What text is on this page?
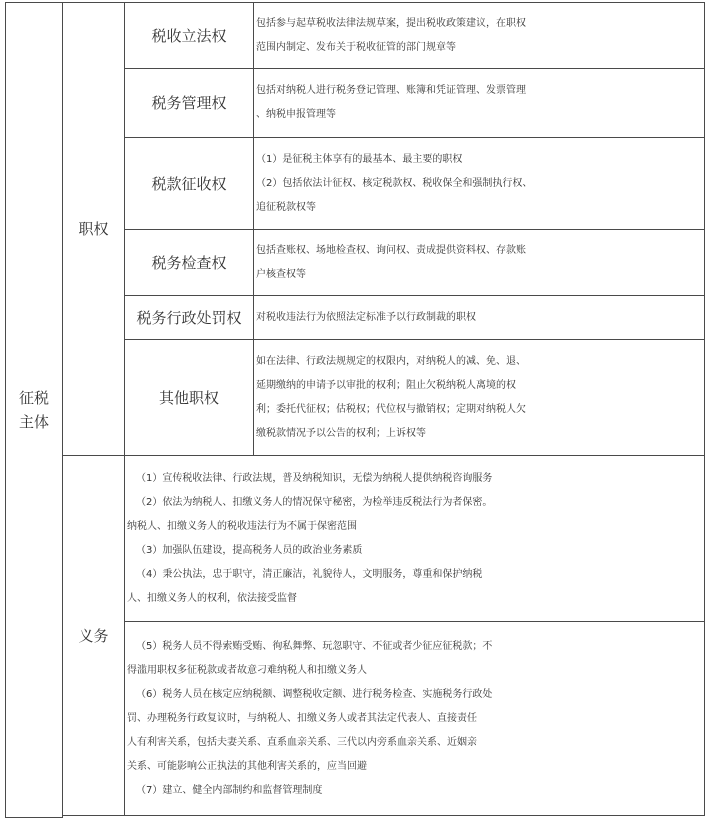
征税
主体
职权
税收立法权
包括参与起草税收法律法规草案，提出税收政策建议，在职权
范围内制定、发布关于税收征管的部门规章等
税务管理权
包括对纳税人进行税务登记管理、账簿和凭证管理、发票管理
、纳税申报管理等
税款征收权
（1）是征税主体享有的最基本、最主要的职权
（2）包括依法计征权、核定税款权、税收保全和强制执行权、
追征税款权等
税务检查权
包括查账权、场地检查权、询问权、责成提供资料权、存款账
户核查权等
税务行政处罚权 对税收违法行为依照法定标准予以行政制裁的职权
其他职权
如在法律、行政法规规定的权限内，对纳税人的减、免、退、
延期缴纳的申请予以审批的权利；阻止欠税纳税人离境的权
利；委托代征权；估税权；代位权与撤销权；定期对纳税人欠
缴税款情况予以公告的权利；上诉权等
义务
（1）宣传税收法律、行政法规，普及纳税知识，无偿为纳税人提供纳税咨询服务
（2）依法为纳税人、扣缴义务人的情况保守秘密，为检举违反税法行为者保密。
纳税人、扣缴义务人的税收违法行为不属于保密范围
（3）加强队伍建设，提高税务人员的政治业务素质
（4）秉公执法，忠于职守，清正廉洁，礼貌待人，文明服务，尊重和保护纳税
人、扣缴义务人的权利，依法接受监督
（5）税务人员不得索贿受贿、徇私舞弊、玩忽职守、不征或者少征应征税款；不
得滥用职权多征税款或者故意刁难纳税人和扣缴义务人
（6）税务人员在核定应纳税额、调整税收定额、进行税务检查、实施税务行政处
罚、办理税务行政复议时，与纳税人、扣缴义务人或者其法定代表人、直接责任
人有利害关系，包括夫妻关系、直系血亲关系、三代以内旁系血亲关系、近姻亲
关系、可能影响公正执法的其他利害关系的，应当回避
（7）建立、健全内部制约和监督管理制度
